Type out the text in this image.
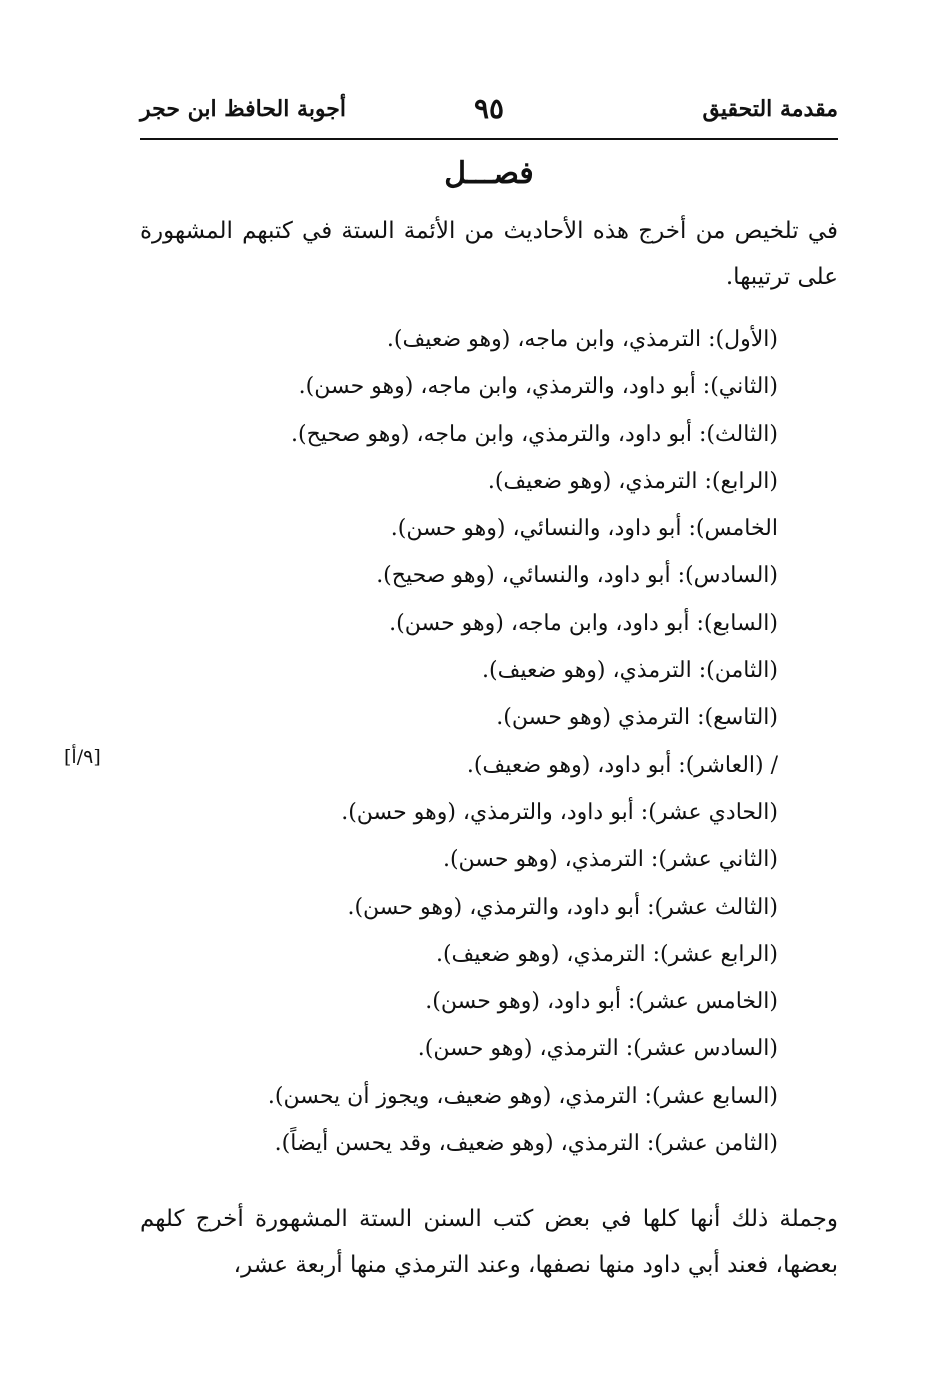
مقدمة التحقيق
٩٥
أجوبة الحافظ ابن حجر
فصـــل
في تلخيص من أخرج هذه الأحاديث من الأئمة الستة في كتبهم المشهورة على ترتيبها.
(الأول): الترمذي، وابن ماجه، (وهو ضعيف).
(الثاني): أبو داود، والترمذي، وابن ماجه، (وهو حسن).
(الثالث): أبو داود، والترمذي، وابن ماجه، (وهو صحيح).
(الرابع): الترمذي، (وهو ضعيف).
الخامس): أبو داود، والنسائي، (وهو حسن).
(السادس): أبو داود، والنسائي، (وهو صحيح).
(السابع): أبو داود، وابن ماجه، (وهو حسن).
(الثامن): الترمذي، (وهو ضعيف).
(التاسع): الترمذي (وهو حسن).
/ (العاشر): أبو داود، (وهو ضعيف).
(الحادي عشر): أبو داود، والترمذي، (وهو حسن).
(الثاني عشر): الترمذي، (وهو حسن).
(الثالث عشر): أبو داود، والترمذي، (وهو حسن).
(الرابع عشر): الترمذي، (وهو ضعيف).
(الخامس عشر): أبو داود، (وهو حسن).
(السادس عشر): الترمذي، (وهو حسن).
(السابع عشر): الترمذي، (وهو ضعيف، ويجوز أن يحسن).
(الثامن عشر): الترمذي، (وهو ضعيف، وقد يحسن أيضاً).
[٩/أ]
وجملة ذلك أنها كلها في بعض كتب السنن الستة المشهورة أخرج كلهم بعضها، فعند أبي داود منها نصفها، وعند الترمذي منها أربعة عشر،
